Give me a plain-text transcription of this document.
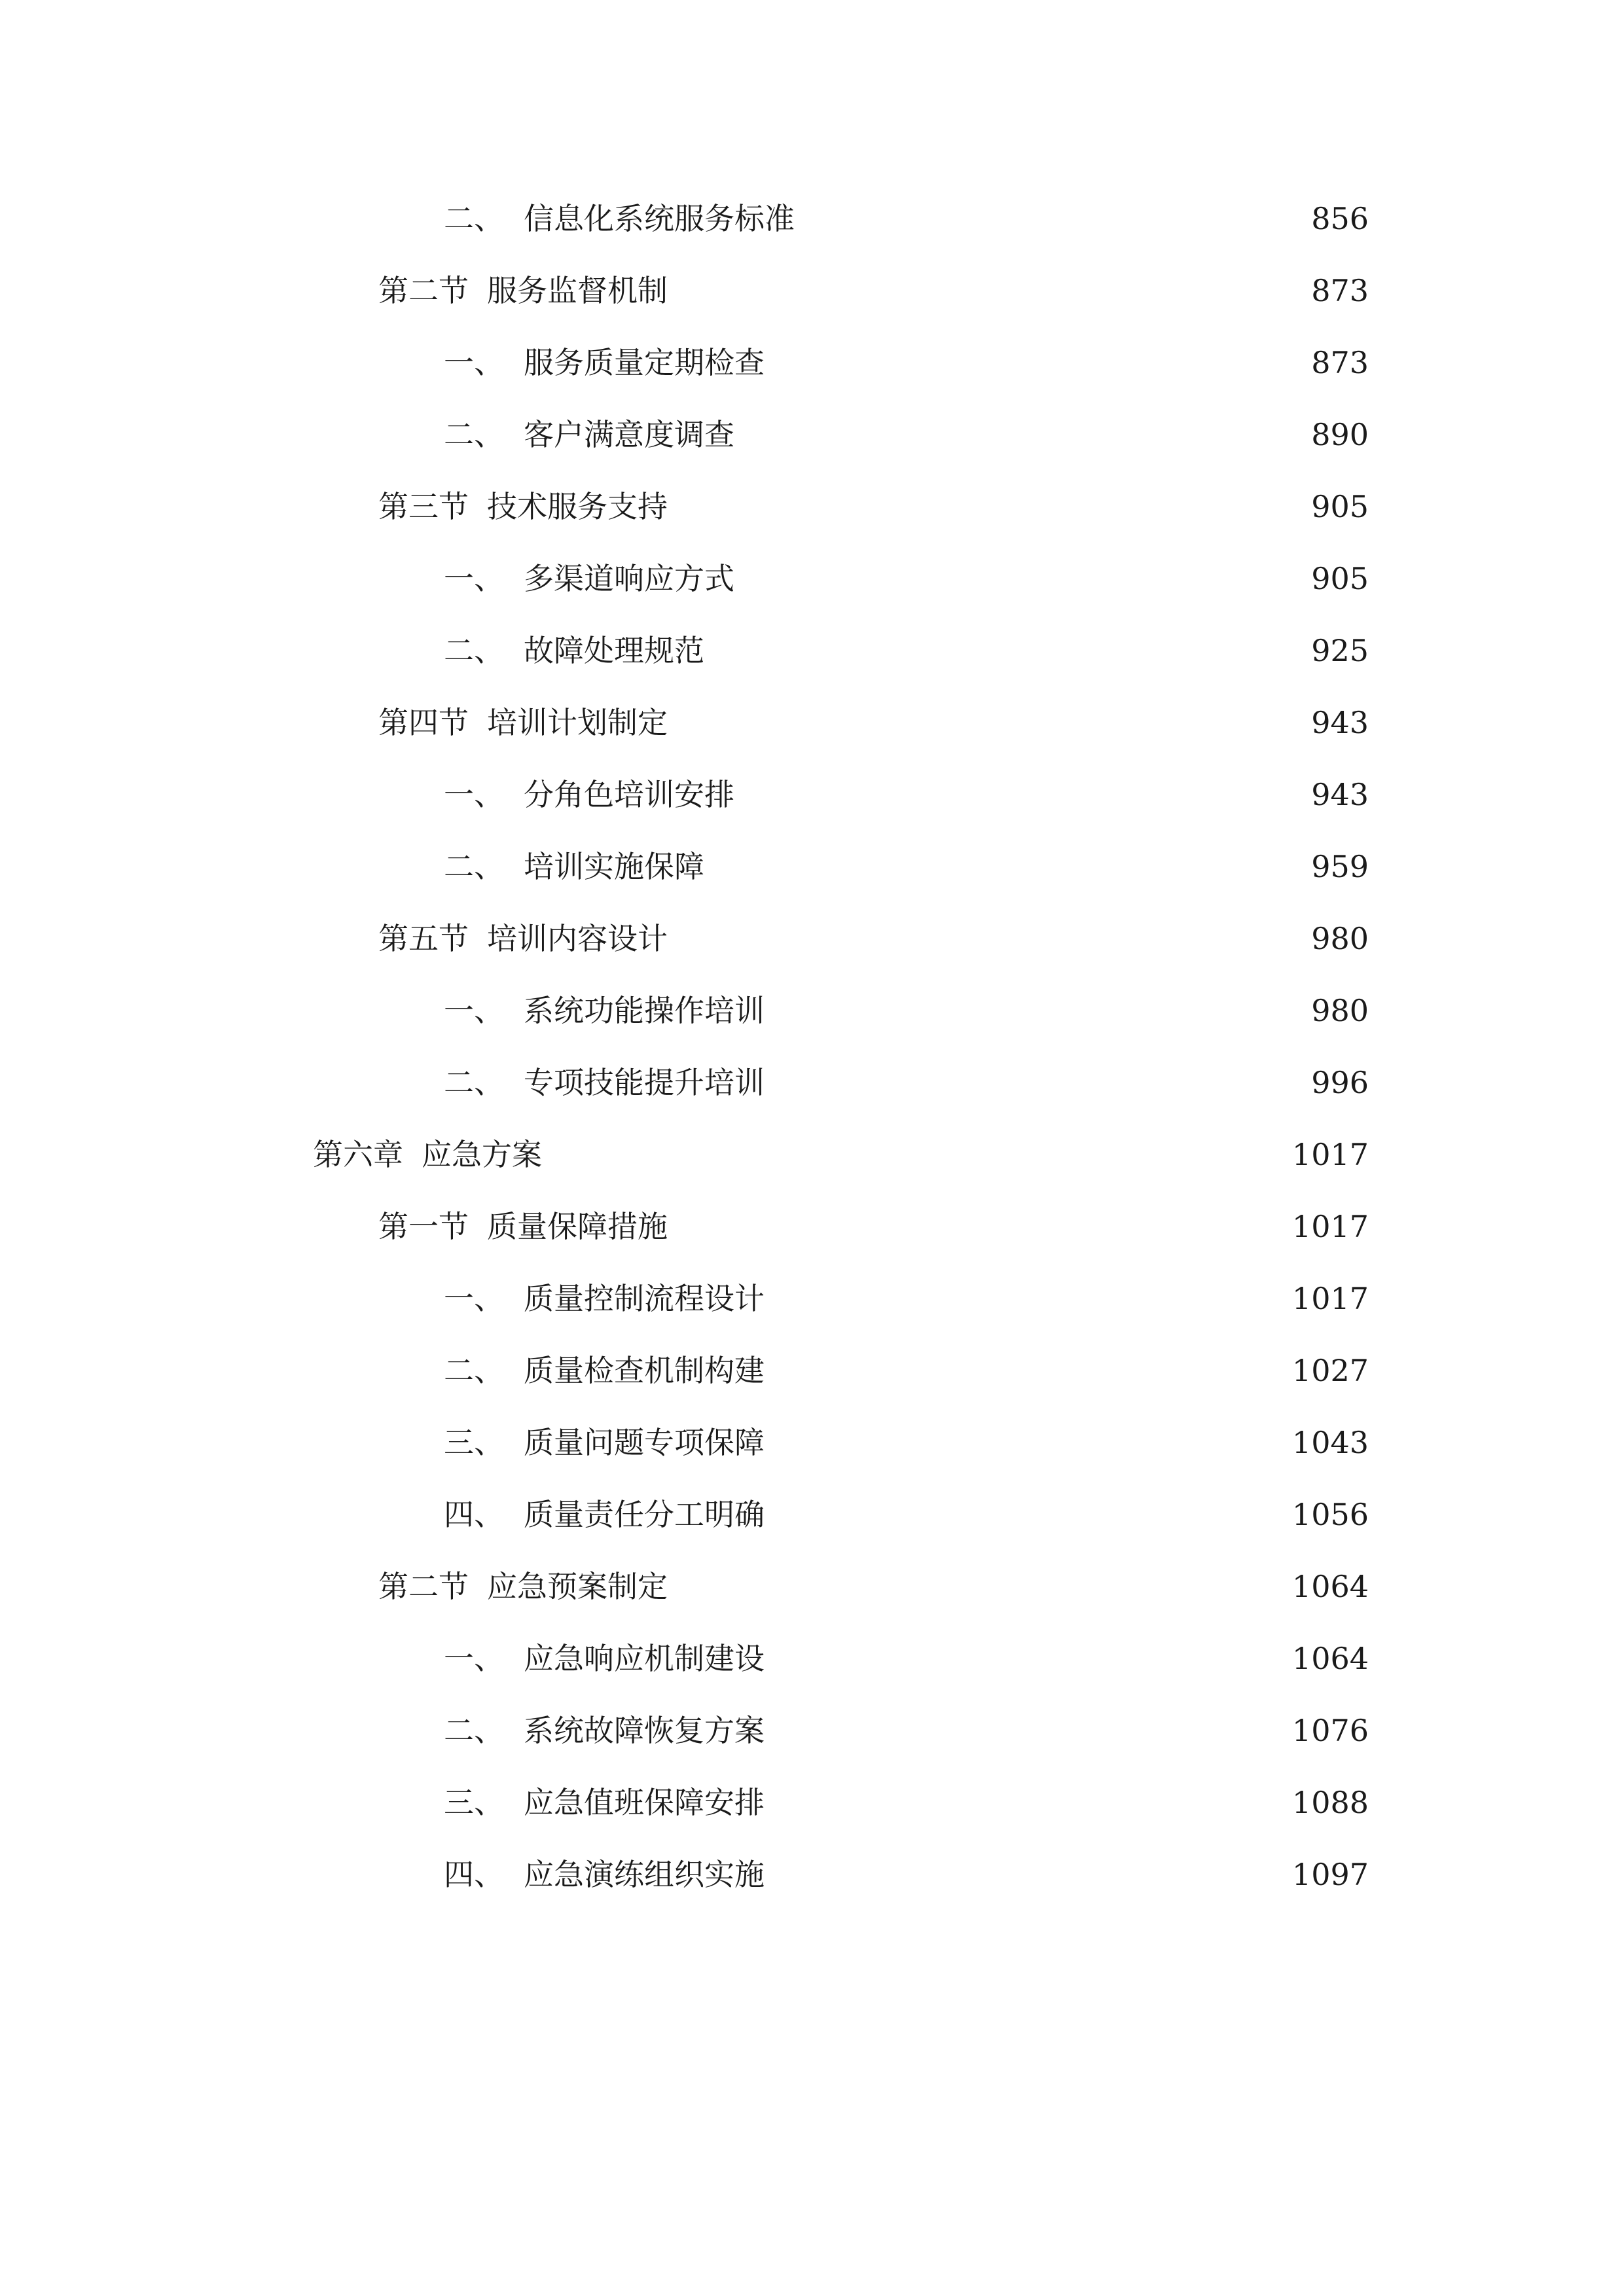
二、 信息化系统服务标准	856
第二节 服务监督机制	873
一、 服务质量定期检查	873
二、 客户满意度调查	890
第三节 技术服务支持	905
一、 多渠道响应方式	905
二、 故障处理规范	925
第四节 培训计划制定	943
一、 分角色培训安排	943
二、 培训实施保障	959
第五节 培训内容设计	980
一、 系统功能操作培训	980
二、 专项技能提升培训	996
第六章 应急方案	1017
第一节 质量保障措施	1017
一、 质量控制流程设计	1017
二、 质量检查机制构建	1027
三、 质量问题专项保障	1043
四、 质量责任分工明确	1056
第二节 应急预案制定	1064
一、 应急响应机制建设	1064
二、 系统故障恢复方案	1076
三、 应急值班保障安排	1088
四、 应急演练组织实施	1097
